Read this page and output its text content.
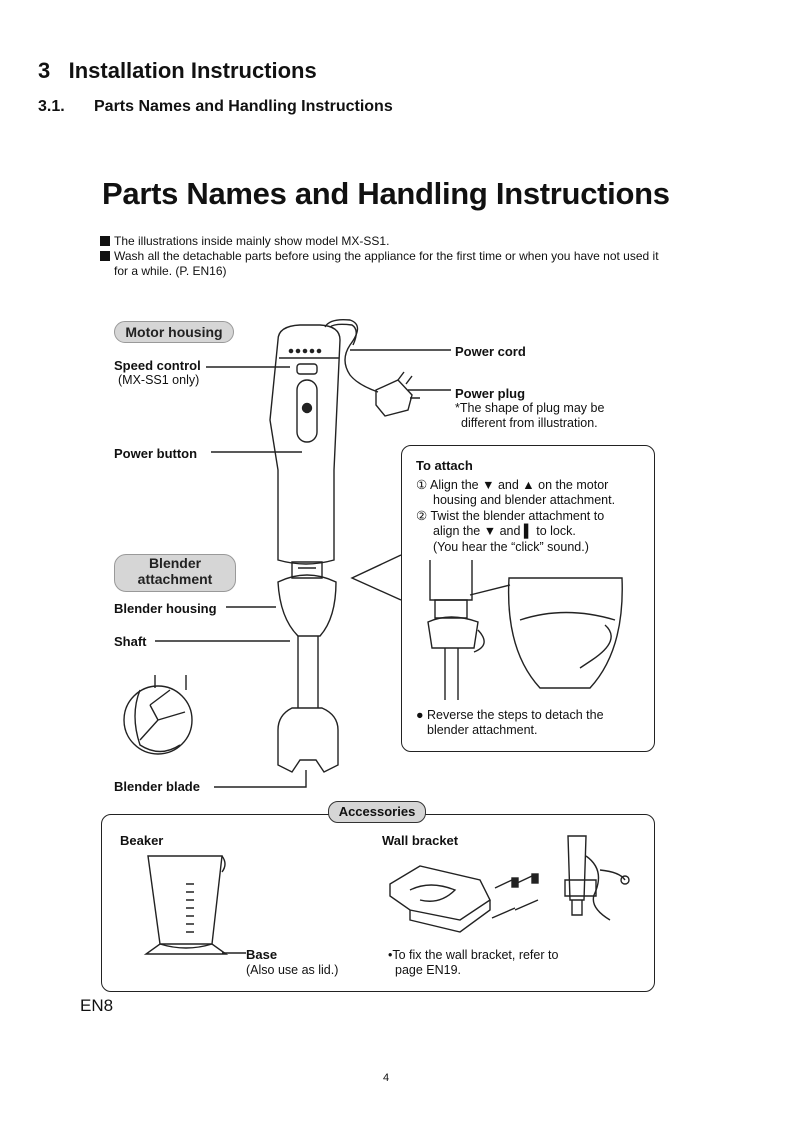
3 Installation Instructions
3.1. Parts Names and Handling Instructions
Parts Names and Handling Instructions
The illustrations inside mainly show model MX-SS1.
Wash all the detachable parts before using the appliance for the first time or when you have not used it for a while. (P. EN16)
Motor housing
Speed control
(MX-SS1 only)
Power button
Power cord
Power plug
*The shape of plug may be
different from illustration.
Blender
attachment
Blender housing
Shaft
Blender blade
To attach
① Align the ▼ and ▲ on the motor
housing and blender attachment.
② Twist the blender attachment to
align the ▼ and ▌ to lock.
(You hear the “click” sound.)
● Reverse the steps to detach the
blender attachment.
Accessories
Beaker
Base
(Also use as lid.)
Wall bracket
•To fix the wall bracket, refer to
page EN19.
EN8
4
